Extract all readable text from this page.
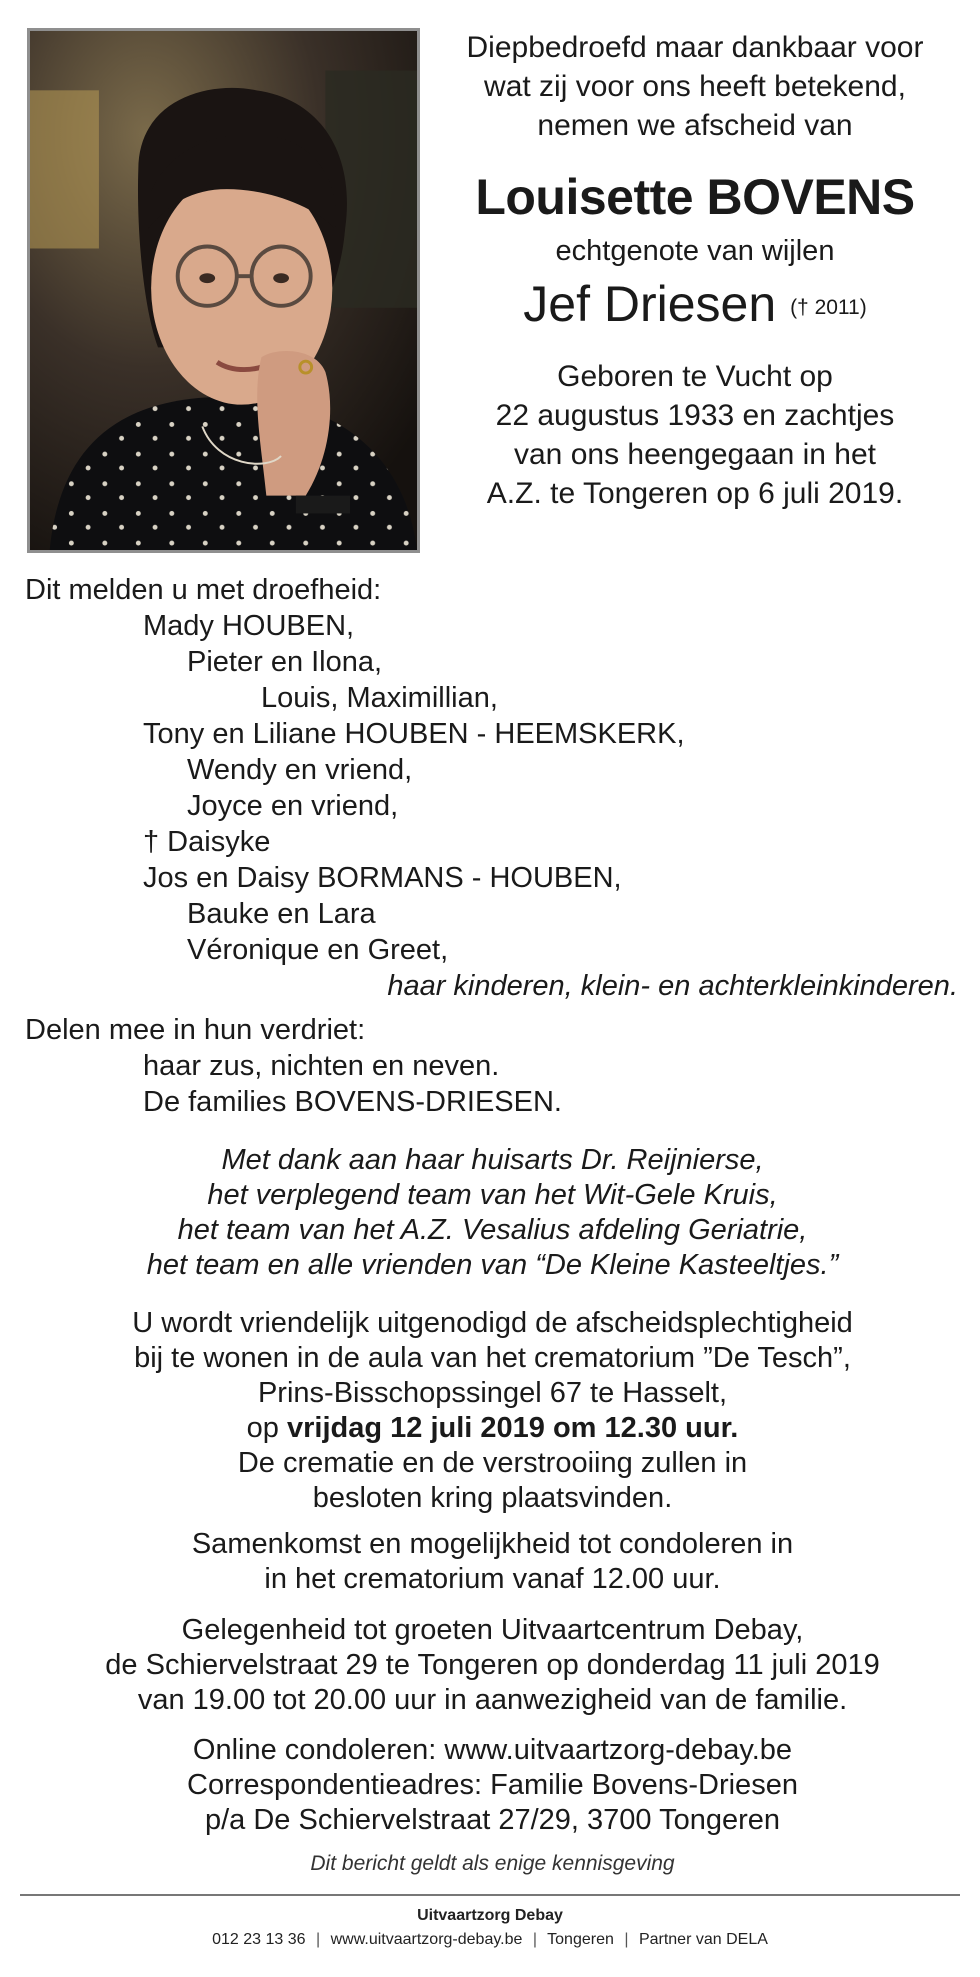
Diepbedroefd maar dankbaar voor
wat zij voor ons heeft betekend,
nemen we afscheid van
Louisette BOVENS
echtgenote van wijlen
Jef Driesen († 2011)
Geboren te Vucht op
22 augustus 1933 en zachtjes
van ons heengegaan in het
A.Z. te Tongeren op 6 juli 2019.
Dit melden u met droefheid:
Mady HOUBEN,
Pieter en Ilona,
Louis, Maximillian,
Tony en Liliane HOUBEN - HEEMSKERK,
Wendy en vriend,
Joyce en vriend,
† Daisyke
Jos en Daisy BORMANS - HOUBEN,
Bauke en Lara
Véronique en Greet,
haar kinderen, klein- en achterkleinkinderen.
Delen mee in hun verdriet:
haar zus, nichten en neven.
De families BOVENS-DRIESEN.
Met dank aan haar huisarts Dr. Reijnierse,
het verplegend team van het Wit-Gele Kruis,
het team van het A.Z. Vesalius afdeling Geriatrie,
het team en alle vrienden van “De Kleine Kasteeltjes.”
U wordt vriendelijk uitgenodigd de afscheidsplechtigheid
bij te wonen in de aula van het crematorium ”De Tesch”,
Prins-Bisschopssingel 67 te Hasselt,
op vrijdag 12 juli 2019 om 12.30 uur.
De crematie en de verstrooiing zullen in
besloten kring plaatsvinden.
Samenkomst en mogelijkheid tot condoleren in
in het crematorium vanaf 12.00 uur.
Gelegenheid tot groeten Uitvaartcentrum Debay,
de Schiervelstraat 29 te Tongeren op donderdag 11 juli 2019
van 19.00 tot 20.00 uur in aanwezigheid van de familie.
Online condoleren: www.uitvaartzorg-debay.be
Correspondentieadres: Familie Bovens-Driesen
p/a De Schiervelstraat 27/29, 3700 Tongeren
Dit bericht geldt als enige kennisgeving
Uitvaartzorg Debay
012 23 13 36 | www.uitvaartzorg-debay.be | Tongeren | Partner van DELA
